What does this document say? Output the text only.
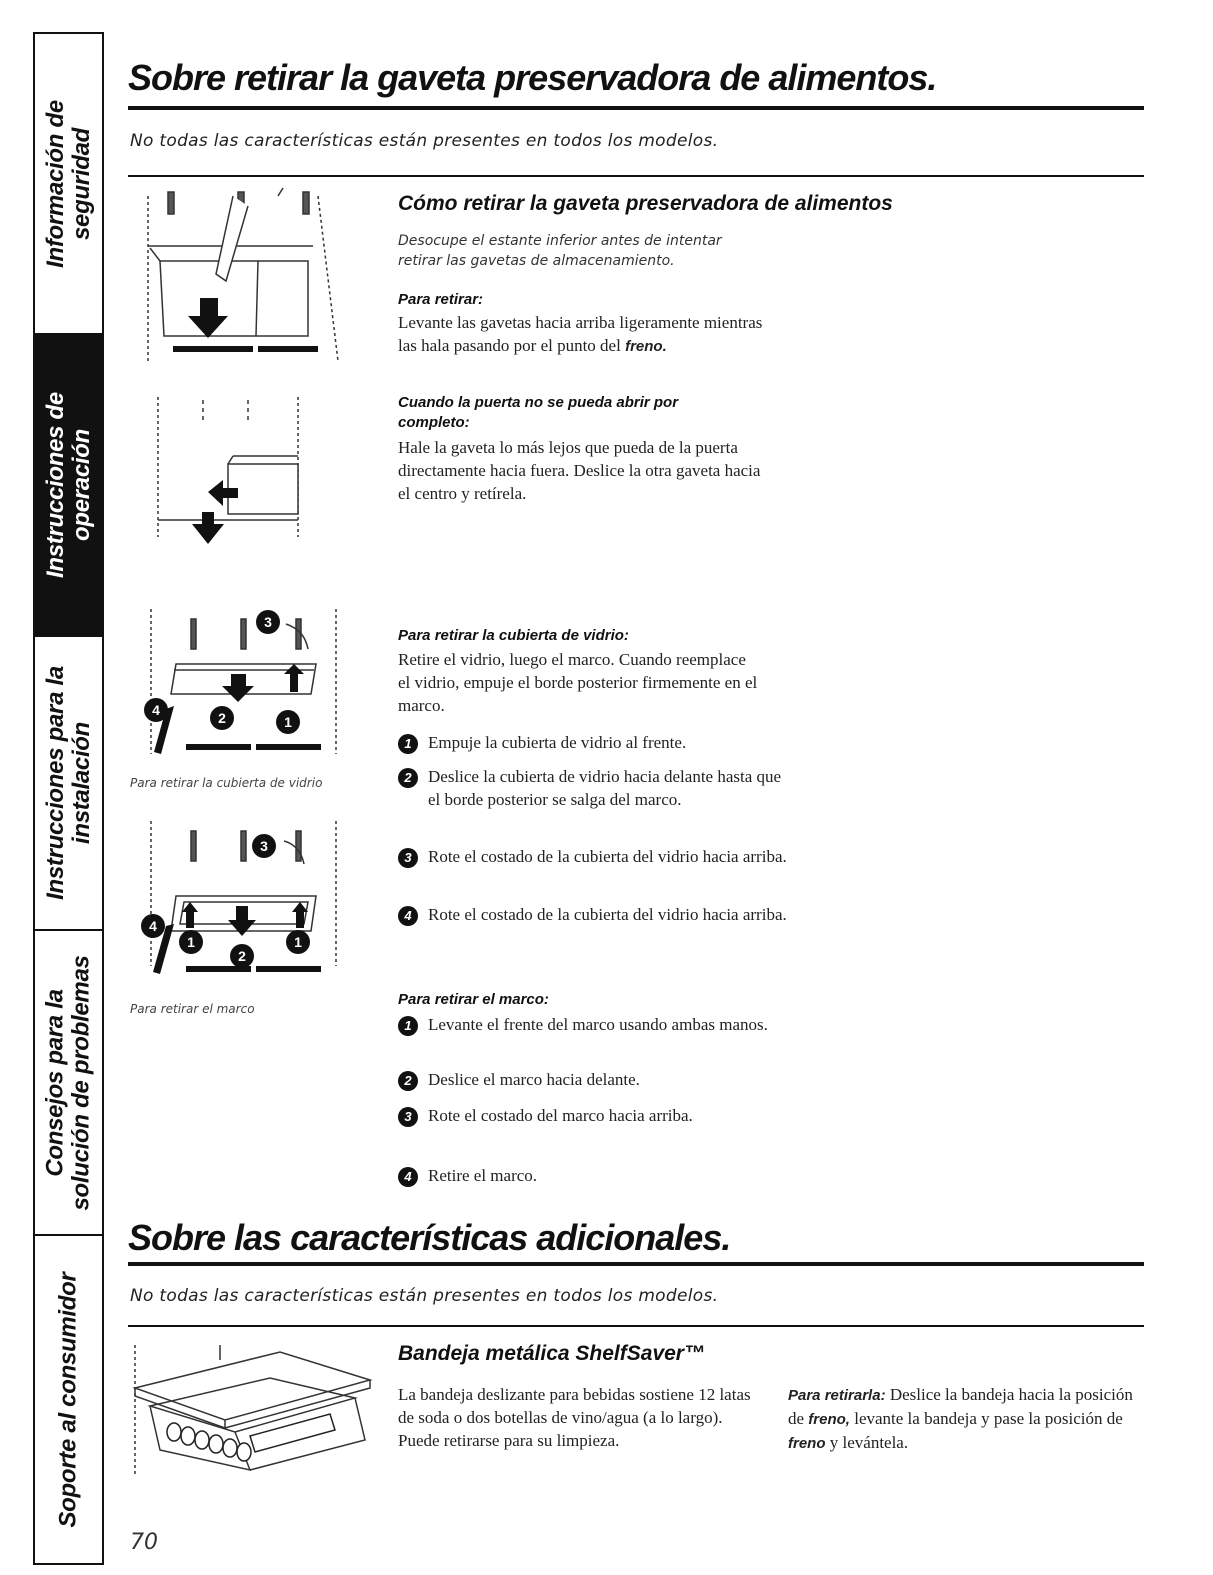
Información de seguridad
Instrucciones de operación
Instrucciones para la instalación
Consejos para la solución de problemas
Soporte al consumidor
Sobre retirar la gaveta preservadora de alimentos.
No todas las características están presentes en todos los modelos.
Cómo retirar la gaveta preservadora de alimentos
Desocupe el estante inferior antes de intentar retirar las gavetas de almacenamiento.
Para retirar:
Levante las gavetas hacia arriba ligeramente mientras las hala pasando por el punto del freno.
Cuando la puerta no se pueda abrir por completo:
Hale la gaveta lo más lejos que pueda de la puerta directamente hacia fuera. Deslice la otra gaveta hacia el centro y retírela.
3
4	2	1
Para retirar la cubierta de vidrio
3
4
1
2
1
Para retirar el marco
Para retirar la cubierta de vidrio:
Retire el vidrio, luego el marco. Cuando reemplace el vidrio, empuje el borde posterior firmemente en el marco.
1 Empuje la cubierta de vidrio al frente.
2 Deslice la cubierta de vidrio hacia delante hasta que el borde posterior se salga del marco.
3 Rote el costado de la cubierta del vidrio hacia arriba.
4 Rote el costado de la cubierta del vidrio hacia arriba.
Para retirar el marco:
1 Levante el frente del marco usando ambas manos.
2 Deslice el marco hacia delante.
3 Rote el costado del marco hacia arriba.
4 Retire el marco.
Sobre las características adicionales.
No todas las características están presentes en todos los modelos.
Bandeja metálica ShelfSaver™
La bandeja deslizante para bebidas sostiene 12 latas de soda o dos botellas de vino/agua (a lo largo). Puede retirarse para su limpieza.
Para retirarla: Deslice la bandeja hacia la posición de freno, levante la bandeja y pase la posición de freno y levántela.
70
